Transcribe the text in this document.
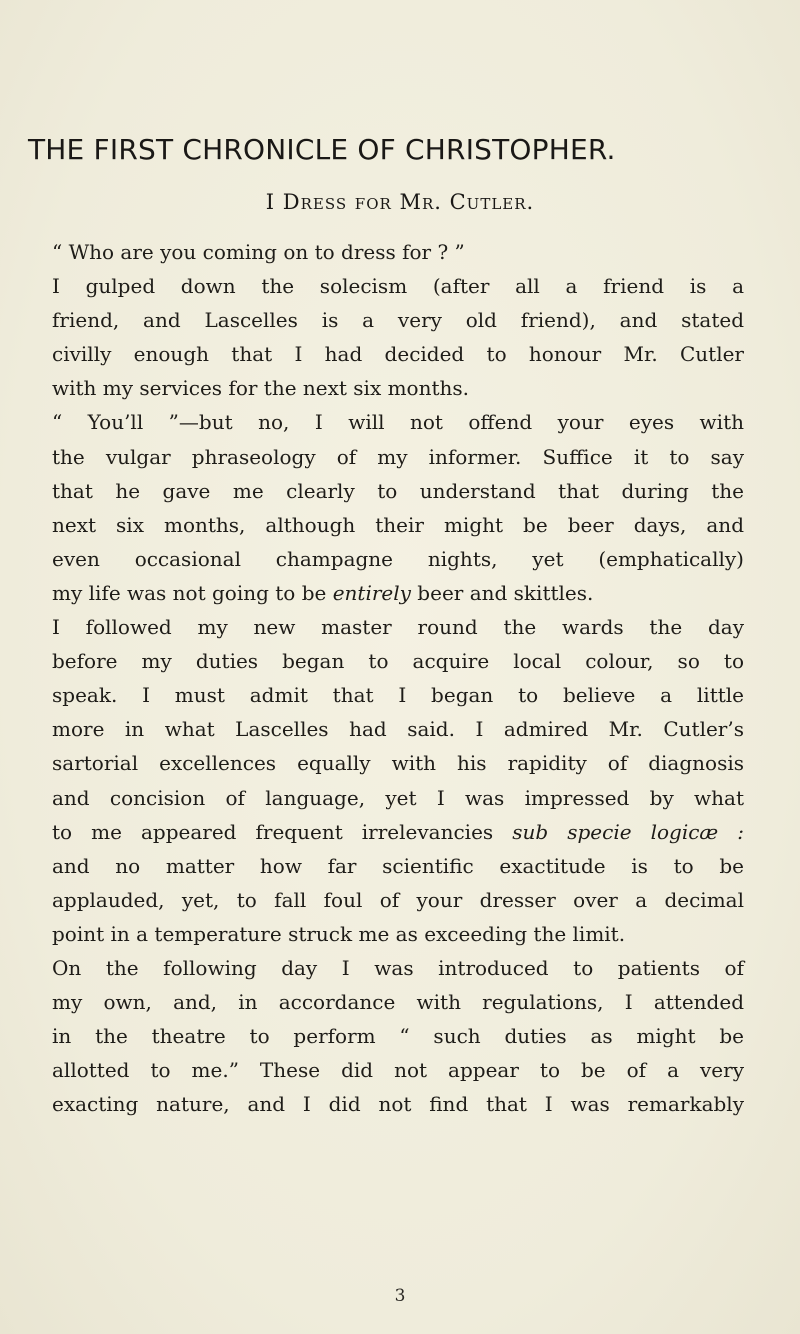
THE FIRST CHRONICLE OF CHRISTOPHER.
I Dress for Mr. Cutler.
“ Who are you coming on to dress for ? ”
I gulped down the solecism (after all a friend is a
friend, and Lascelles is a very old friend), and stated
civilly enough that I had decided to honour Mr. Cutler
with my services for the next six months.
“ You’ll ”—but no, I will not offend your eyes with
the vulgar phraseology of my informer. Suffice it to say
that he gave me clearly to understand that during the
next six months, although their might be beer days, and
even occasional champagne nights, yet (emphatically)
my life was not going to be entirely beer and skittles.
I followed my new master round the wards the day
before my duties began to acquire local colour, so to
speak. I must admit that I began to believe a little
more in what Lascelles had said. I admired Mr. Cutler’s
sartorial excellences equally with his rapidity of diagnosis
and concision of language, yet I was impressed by what
to me appeared frequent irrelevancies sub specie logicæ :
and no matter how far scientific exactitude is to be
applauded, yet, to fall foul of your dresser over a decimal
point in a temperature struck me as exceeding the limit.
On the following day I was introduced to patients of
my own, and, in accordance with regulations, I attended
in the theatre to perform “ such duties as might be
allotted to me.” These did not appear to be of a very
exacting nature, and I did not find that I was remarkably
3
